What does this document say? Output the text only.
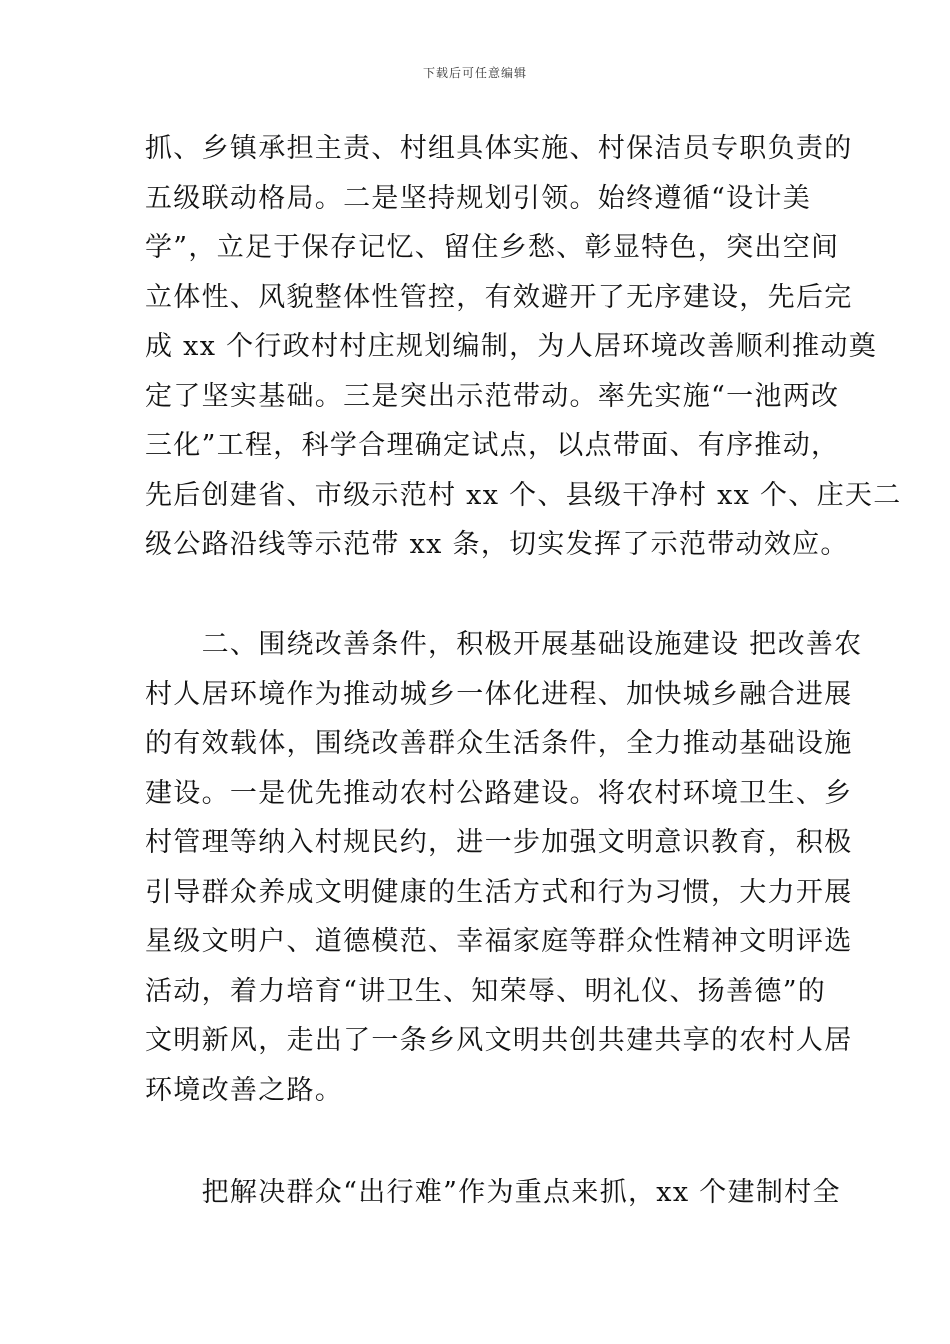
下载后可任意编辑
抓、乡镇承担主责、村组具体实施、村保洁员专职负责的
五级联动格局。二是坚持规划引领。始终遵循“设计美
学”，立足于保存记忆、留住乡愁、彰显特色，突出空间
立体性、风貌整体性管控，有效避开了无序建设，先后完
成 xx 个行政村村庄规划编制，为人居环境改善顺利推动奠
定了坚实基础。三是突出示范带动。率先实施“一池两改
三化”工程，科学合理确定试点，以点带面、有序推动，
先后创建省、市级示范村 xx 个、县级干净村 xx 个、庄天二
级公路沿线等示范带 xx 条，切实发挥了示范带动效应。
　　二、围绕改善条件，积极开展基础设施建设 把改善农
村人居环境作为推动城乡一体化进程、加快城乡融合进展
的有效载体，围绕改善群众生活条件，全力推动基础设施
建设。一是优先推动农村公路建设。将农村环境卫生、乡
村管理等纳入村规民约，进一步加强文明意识教育，积极
引导群众养成文明健康的生活方式和行为习惯，大力开展
星级文明户、道德模范、幸福家庭等群众性精神文明评选
活动，着力培育“讲卫生、知荣辱、明礼仪、扬善德”的
文明新风，走出了一条乡风文明共创共建共享的农村人居
环境改善之路。
　　把解决群众“出行难”作为重点来抓，xx 个建制村全
